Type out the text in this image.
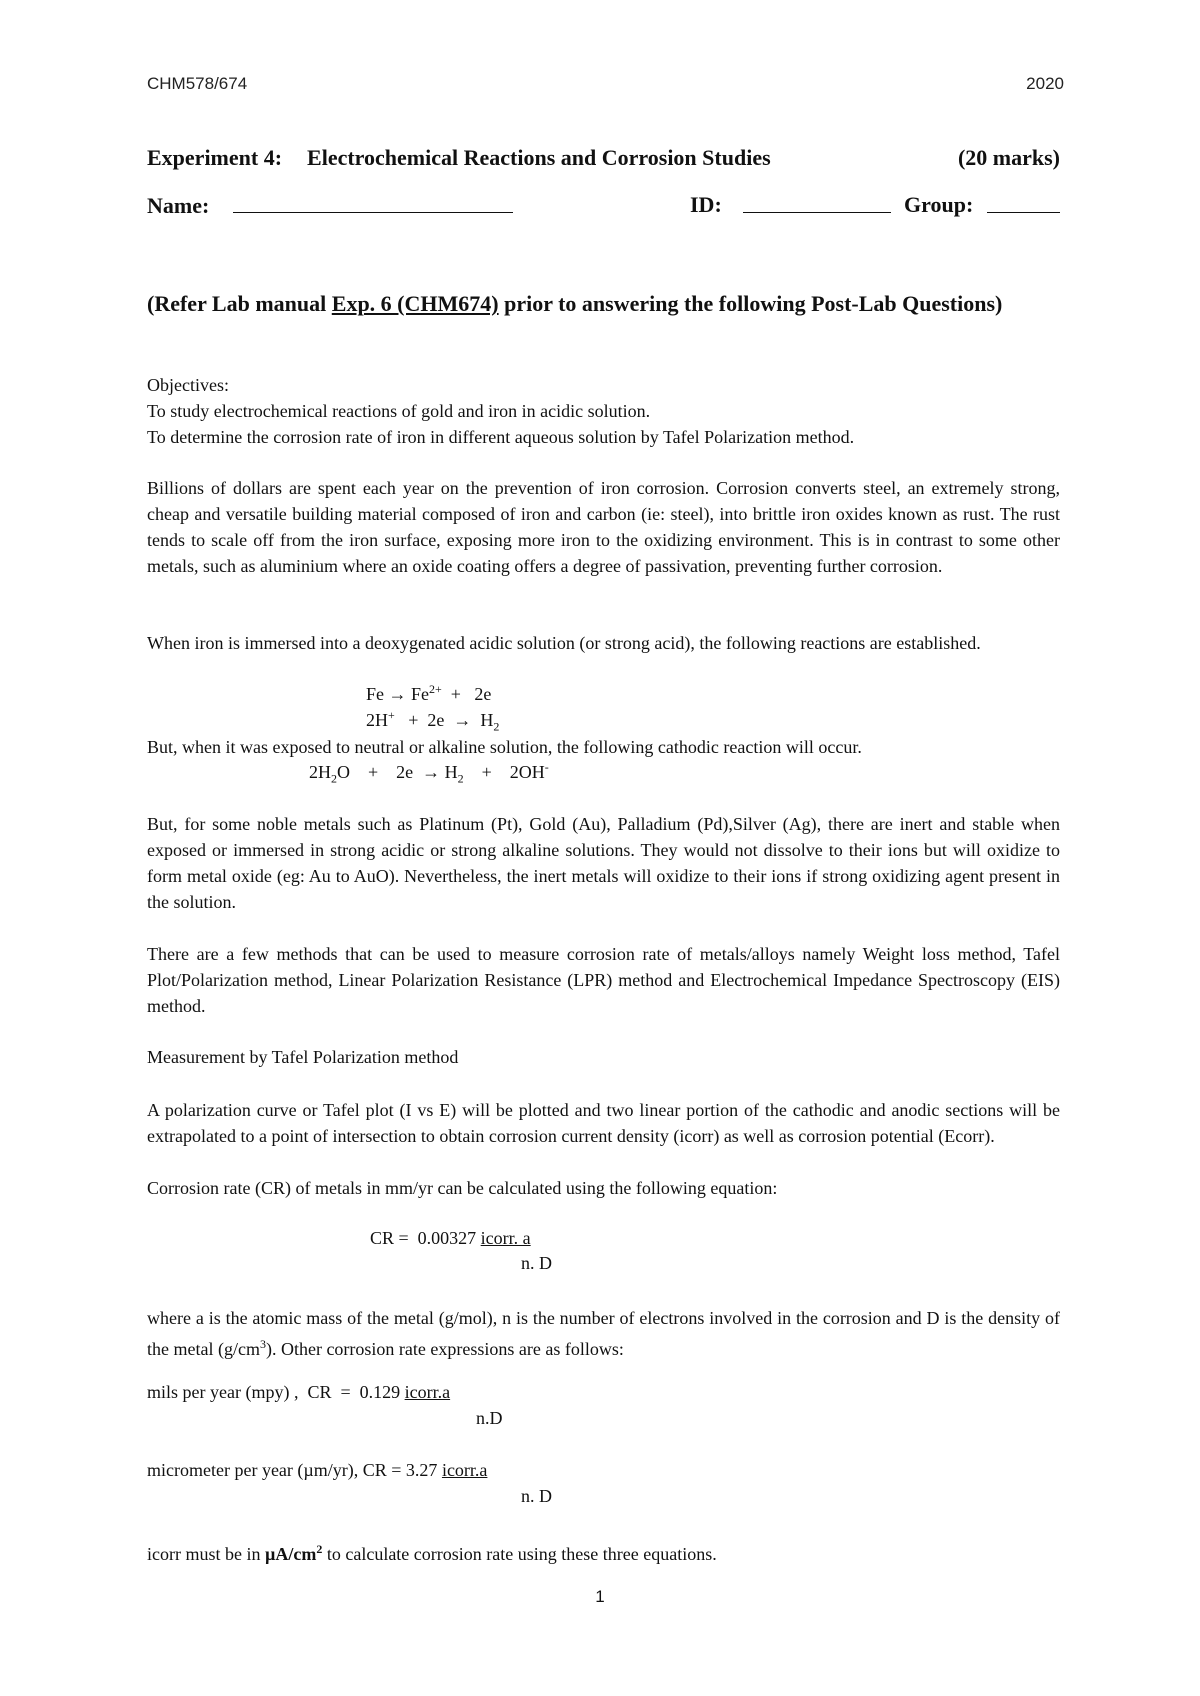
CHM578/674	2020
Experiment 4: Electrochemical Reactions and Corrosion Studies	(20 marks)
Name:	ID:	Group:
(Refer Lab manual Exp. 6 (CHM674) prior to answering the following Post-Lab Questions)
Objectives:
To study electrochemical reactions of gold and iron in acidic solution.
To determine the corrosion rate of iron in different aqueous solution by Tafel Polarization method.
Billions of dollars are spent each year on the prevention of iron corrosion. Corrosion converts steel, an extremely strong, cheap and versatile building material composed of iron and carbon (ie: steel), into brittle iron oxides known as rust. The rust tends to scale off from the iron surface, exposing more iron to the oxidizing environment. This is in contrast to some other metals, such as aluminium where an oxide coating offers a degree of passivation, preventing further corrosion.
When iron is immersed into a deoxygenated acidic solution (or strong acid), the following reactions are established.
$Fe \to Fe^{2+} + 2e$
$2H^+ + 2e \to H_2$
But, when it was exposed to neutral or alkaline solution, the following cathodic reaction will occur.
$2H_2O$    +    $2e \to H_2$    +    2OH-
But, for some noble metals such as Platinum (Pt), Gold (Au), Palladium (Pd),Silver (Ag), there are inert and stable when exposed or immersed in strong acidic or strong alkaline solutions. They would not dissolve to their ions but will oxidize to form metal oxide (eg: Au to AuO). Nevertheless, the inert metals will oxidize to their ions if strong oxidizing agent present in the solution.
There are a few methods that can be used to measure corrosion rate of metals/alloys namely Weight loss method, Tafel Plot/Polarization method, Linear Polarization Resistance (LPR) method and Electrochemical Impedance Spectroscopy (EIS) method.
Measurement by Tafel Polarization method
A polarization curve or Tafel plot (I vs E) will be plotted and two linear portion of the cathodic and anodic sections will be extrapolated to a point of intersection to obtain corrosion current density (icorr) as well as corrosion potential (Ecorr).
Corrosion rate (CR) of metals in mm/yr can be calculated using the following equation:
CR =  0.00327 icorr. a
n. D
where a is the atomic mass of the metal (g/mol), n is the number of electrons involved in the corrosion and D is the density of the metal $(g/cm^3)$. Other corrosion rate expressions are as follows:
mils per year (mpy) ,  CR  =  0.129 icorr.a
n.D
micrometer per year (µm/yr), CR = 3.27 icorr.a
n. D
icorr must be in $\mu A/cm^2$ to calculate corrosion rate using these three equations.
1
